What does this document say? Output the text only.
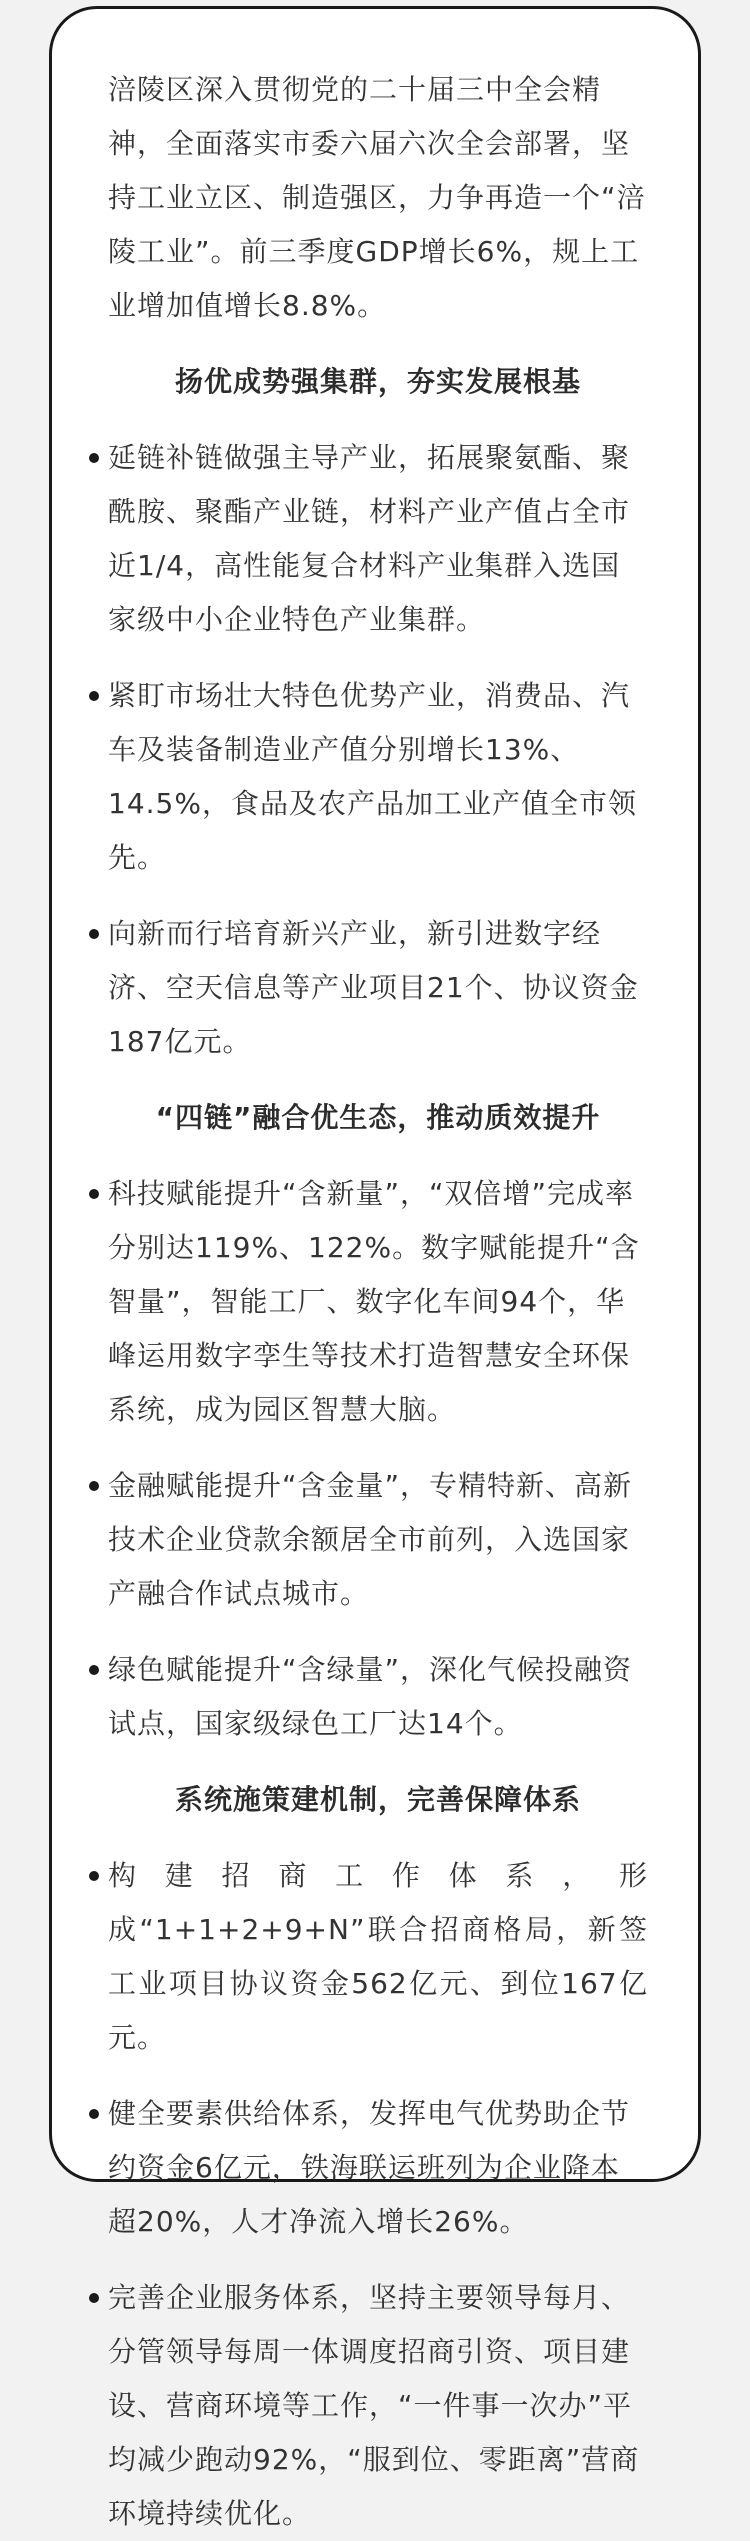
涪陵区深入贯彻党的二十届三中全会精神，全面落实市委六届六次全会部署，坚持工业立区、制造强区，力争再造一个“涪陵工业”。前三季度GDP增长6%，规上工业增加值增长8.8%。

扬优成势强集群，夯实发展根基
延链补链做强主导产业，拓展聚氨酯、聚酰胺、聚酯产业链，材料产业产值占全市近1/4，高性能复合材料产业集群入选国家级中小企业特色产业集群。
紧盯市场壮大特色优势产业，消费品、汽车及装备制造业产值分别增长13%、14.5%，食品及农产品加工业产值全市领先。
向新而行培育新兴产业，新引进数字经济、空天信息等产业项目21个、协议资金187亿元。
“四链”融合优生态，推动质效提升
科技赋能提升“含新量”，“双倍增”完成率分别达119%、122%。数字赋能提升“含智量”，智能工厂、数字化车间94个，华峰运用数字孪生等技术打造智慧安全环保系统，成为园区智慧大脑。
金融赋能提升“含金量”，专精特新、高新技术企业贷款余额居全市前列，入选国家产融合作试点城市。
绿色赋能提升“含绿量”，深化气候投融资试点，国家级绿色工厂达14个。
系统施策建机制，完善保障体系
构建招商工作体系，形成“1+1+2+9+N”联合招商格局，新签工业项目协议资金562亿元、到位167亿元。
健全要素供给体系，发挥电气优势助企节约资金6亿元，铁海联运班列为企业降本超20%，人才净流入增长26%。
完善企业服务体系，坚持主要领导每月、分管领导每周一体调度招商引资、项目建设、营商环境等工作，“一件事一次办”平均减少跑动92%，“服到位、零距离”营商环境持续优化。
